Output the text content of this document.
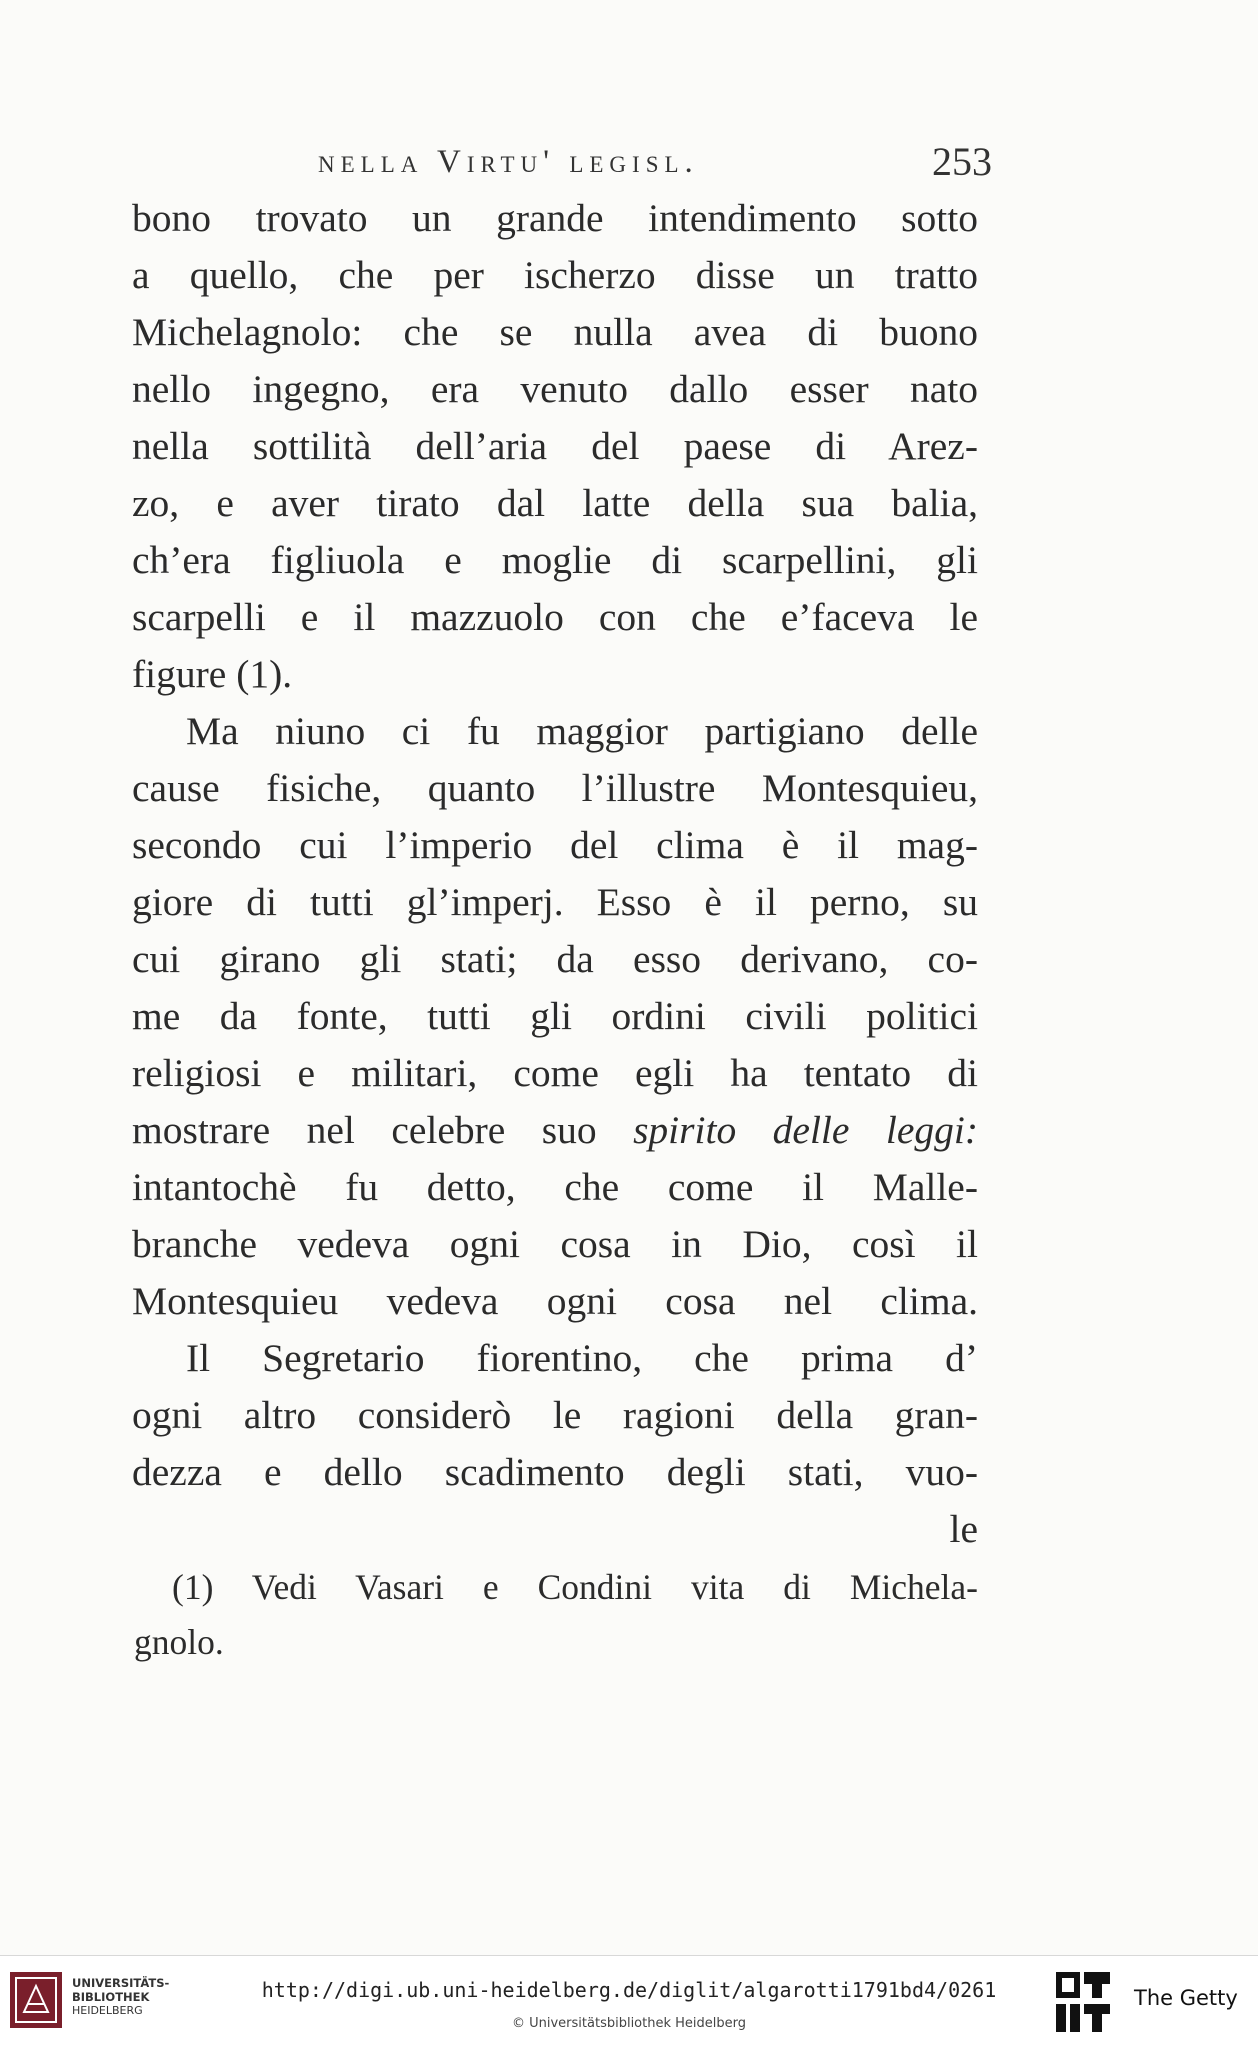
nella Virtu' legisl.	253
bono trovato un grande intendimento sotto
a quello, che per ischerzo disse un tratto
Michelagnolo: che se nulla avea di buono
nello ingegno, era venuto dallo esser nato
nella sottilità dell’aria del paese di Arez-
zo, e aver tirato dal latte della sua balia,
ch’era figliuola e moglie di scarpellini, gli
scarpelli e il mazzuolo con che e’faceva le
figure (1).
Ma niuno ci fu maggior partigiano delle
cause fisiche, quanto l’illustre Montesquieu,
secondo cui l’imperio del clima è il mag-
giore di tutti gl’imperj. Esso è il perno, su
cui girano gli stati; da esso derivano, co-
me da fonte, tutti gli ordini civili politici
religiosi e militari, come egli ha tentato di
mostrare nel celebre suo spirito delle leggi:
intantochè fu detto, che come il Malle-
branche vedeva ogni cosa in Dio, così il
Montesquieu vedeva ogni cosa nel clima.
Il Segretario fiorentino, che prima d’
ogni altro considerò le ragioni della gran-
dezza e dello scadimento degli stati, vuo-
le
(1) Vedi Vasari e Condini vita di Michela-
gnolo.
UNIVERSITÄTS-
BIBLIOTHEK
HEIDELBERG
http://digi.ub.uni-heidelberg.de/diglit/algarotti1791bd4/0261
© Universitätsbibliothek Heidelberg
The Getty
